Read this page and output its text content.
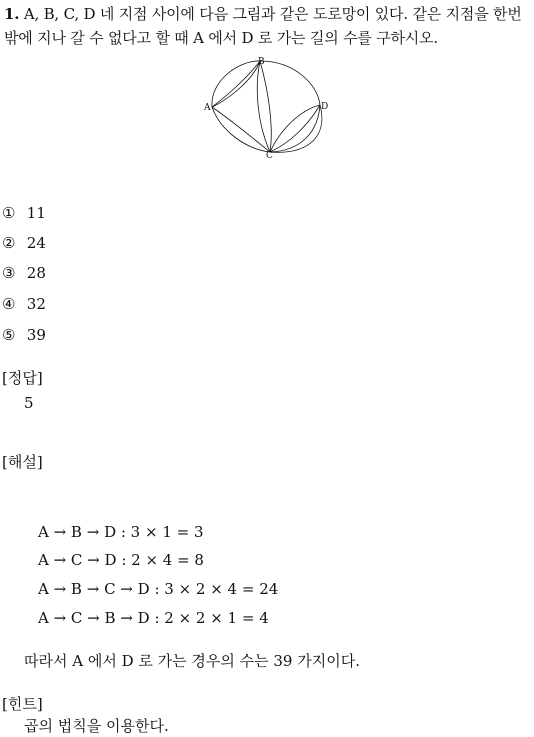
1. A, B, C, D 네 지점 사이에 다음 그림과 같은 도로망이 있다. 같은 지점을 한번 밖에 지나 갈 수 없다고 할 때 A 에서 D 로 가는 길의 수를 구하시오.
A
B
C
D
① 11
② 24
③ 28
④ 32
⑤ 39
[정답]
5
[해설]
A → B → D : 3 × 1 = 3
A → C → D : 2 × 4 = 8
A → B → C → D : 3 × 2 × 4 = 24
A → C → B → D : 2 × 2 × 1 = 4
따라서 A 에서 D 로 가는 경우의 수는 39 가지이다.
[힌트]
곱의 법칙을 이용한다.
